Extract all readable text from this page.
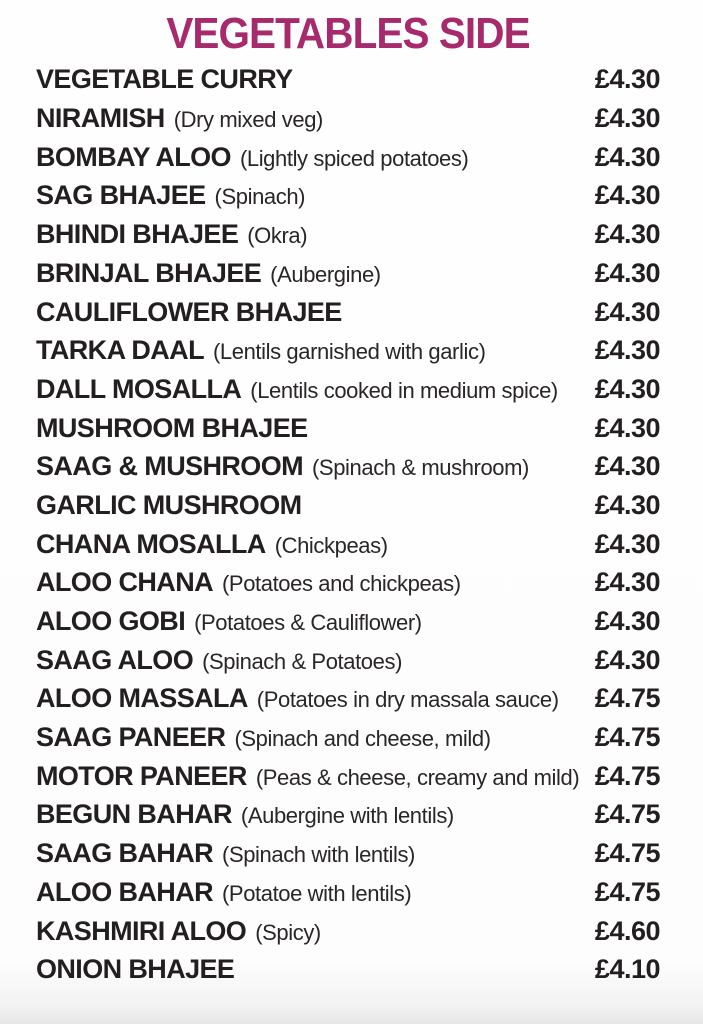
VEGETABLES SIDE
VEGETABLE CURRY	£4.30
NIRAMISH (Dry mixed veg)	£4.30
BOMBAY ALOO (Lightly spiced potatoes)	£4.30
SAG BHAJEE (Spinach)	£4.30
BHINDI BHAJEE (Okra)	£4.30
BRINJAL BHAJEE (Aubergine)	£4.30
CAULIFLOWER BHAJEE	£4.30
TARKA DAAL (Lentils garnished with garlic)	£4.30
DALL MOSALLA (Lentils cooked in medium spice) £4.30
MUSHROOM BHAJEE	£4.30
SAAG & MUSHROOM (Spinach & mushroom) £4.30
GARLIC MUSHROOM	£4.30
CHANA MOSALLA (Chickpeas)	£4.30
ALOO CHANA (Potatoes and chickpeas)	£4.30
ALOO GOBI (Potatoes & Cauliflower)	£4.30
SAAG ALOO (Spinach & Potatoes)	£4.30
ALOO MASSALA (Potatoes in dry massala sauce) £4.75
SAAG PANEER (Spinach and cheese, mild)	£4.75
MOTOR PANEER (Peas & cheese, creamy and mild) £4.75
BEGUN BAHAR (Aubergine with lentils)	£4.75
SAAG BAHAR (Spinach with lentils)	£4.75
ALOO BAHAR (Potatoe with lentils)	£4.75
KASHMIRI ALOO (Spicy)	£4.60
ONION BHAJEE	£4.10
